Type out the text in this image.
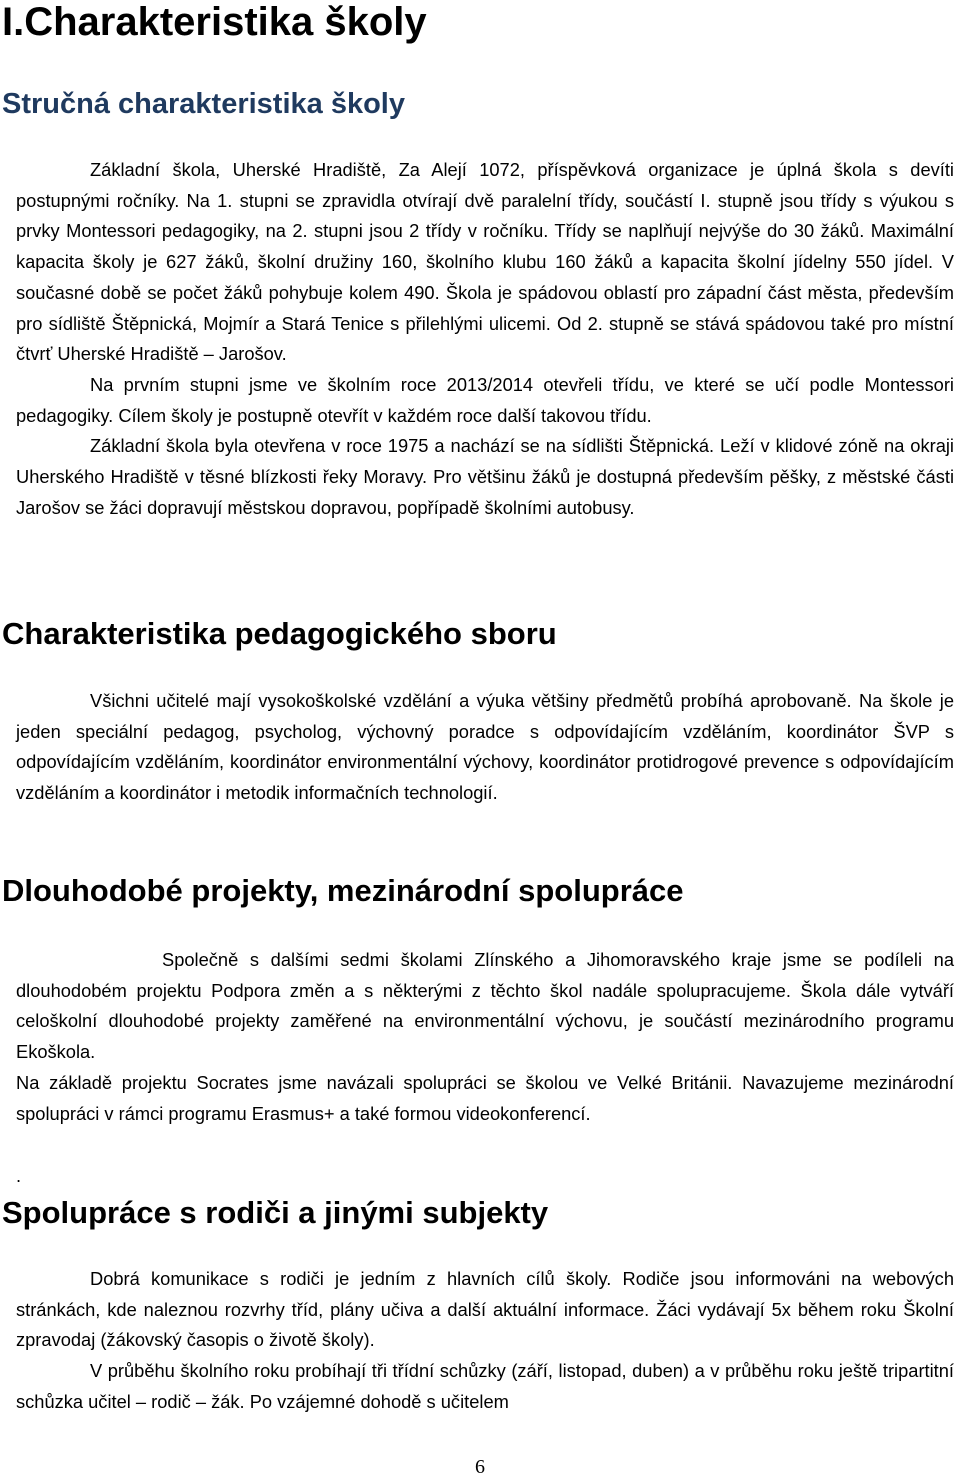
I.Charakteristika školy
Stručná charakteristika školy

Základní škola, Uherské Hradiště, Za Alejí 1072, příspěvková organizace je úplná škola s devíti postupnými ročníky. Na 1. stupni se zpravidla otvírají dvě paralelní třídy, součástí I. stupně jsou třídy s výukou s prvky Montessori pedagogiky, na 2. stupni jsou 2 třídy v ročníku. Třídy se naplňují nejvýše do 30 žáků. Maximální kapacita školy je 627 žáků, školní družiny 160, školního klubu 160 žáků a kapacita školní jídelny 550 jídel. V současné době se počet žáků pohybuje kolem 490. Škola je spádovou oblastí pro západní část města, především pro sídliště Štěpnická, Mojmír a Stará Tenice s přilehlými ulicemi. Od 2. stupně se stává spádovou také pro místní čtvrť Uherské Hradiště – Jarošov.

Na prvním stupni jsme ve školním roce 2013/2014 otevřeli třídu, ve které se učí podle Montessori pedagogiky. Cílem školy je postupně otevřít v každém roce další takovou třídu.

Základní škola byla otevřena v roce 1975 a nachází se na sídlišti Štěpnická. Leží v klidové zóně na okraji Uherského Hradiště v těsné blízkosti řeky Moravy. Pro většinu žáků je dostupná především pěšky, z městské části Jarošov se žáci dopravují městskou dopravou, popřípadě školními autobusy.

Charakteristika pedagogického sboru

Všichni učitelé mají vysokoškolské vzdělání a výuka většiny předmětů probíhá aprobovaně. Na škole je jeden speciální pedagog, psycholog, výchovný poradce s odpovídajícím vzděláním, koordinátor ŠVP s odpovídajícím vzděláním, koordinátor environmentální výchovy, koordinátor protidrogové prevence s odpovídajícím vzděláním a koordinátor i metodik informačních technologií.

Dlouhodobé projekty, mezinárodní spolupráce

Společně s dalšími sedmi školami Zlínského a Jihomoravského kraje jsme se podíleli na dlouhodobém projektu Podpora změn a s některými z těchto škol nadále spolupracujeme. Škola dále vytváří celoškolní dlouhodobé projekty zaměřené na environmentální výchovu, je součástí mezinárodního programu Ekoškola.

Na základě projektu Socrates jsme navázali spolupráci se školou ve Velké Británii. Navazujeme mezinárodní spolupráci v rámci programu Erasmus+ a také formou videokonferencí.

.
Spolupráce s rodiči a jinými subjekty

Dobrá komunikace s rodiči je jedním z hlavních cílů školy. Rodiče jsou informováni na webových stránkách, kde naleznou rozvrhy tříd, plány učiva a další aktuální informace. Žáci vydávají 5x během roku Školní zpravodaj (žákovský časopis o životě školy).

V průběhu školního roku probíhají tři třídní schůzky (září, listopad, duben) a v průběhu roku ještě tripartitní schůzka učitel – rodič – žák. Po vzájemné dohodě s učitelem

6
